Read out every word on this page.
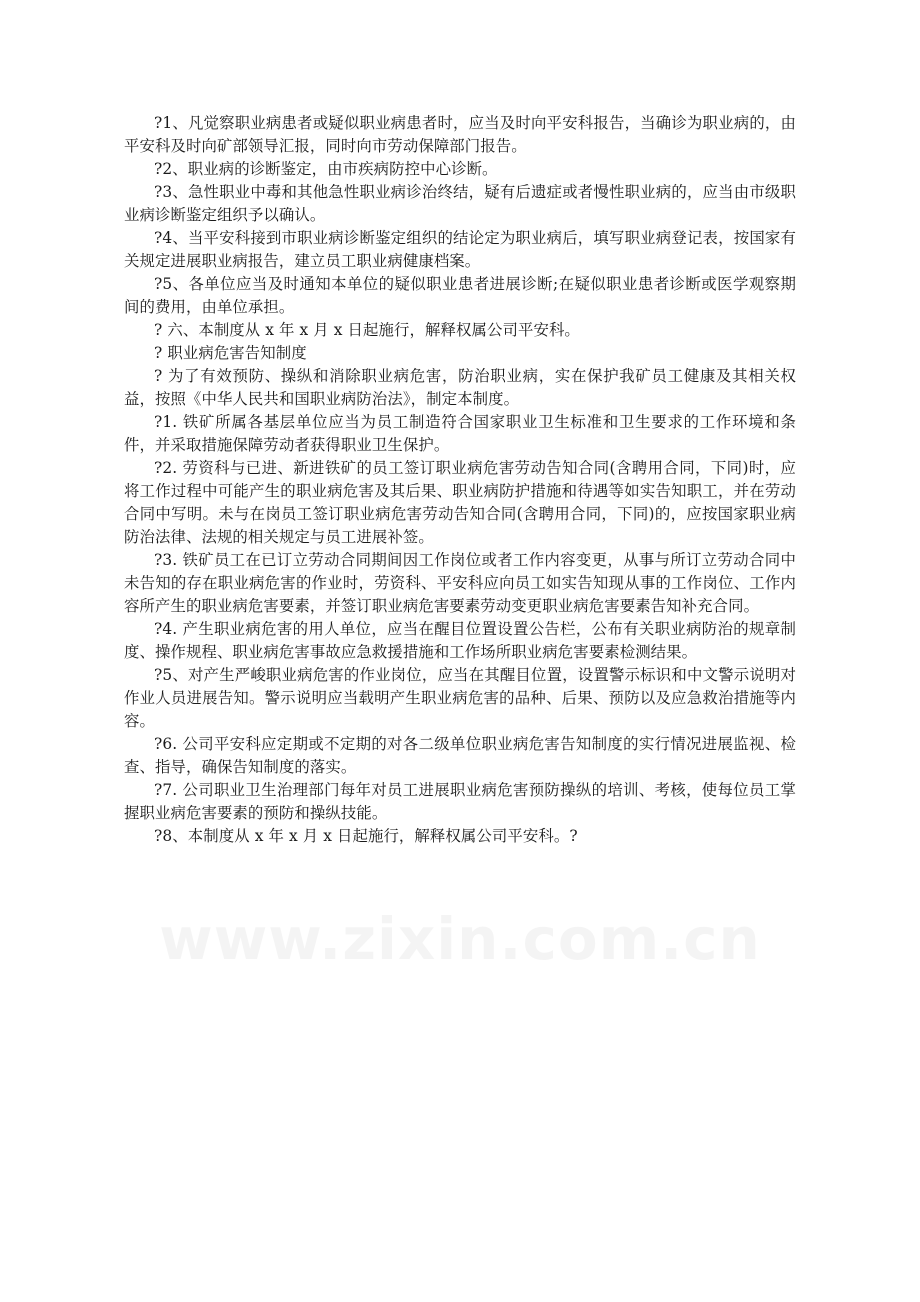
?1、凡觉察职业病患者或疑似职业病患者时，应当及时向平安科报告，当确诊为职业病的，由平安科及时向矿部领导汇报，同时向市劳动保障部门报告。

?2、职业病的诊断鉴定，由市疾病防控中心诊断。

?3、急性职业中毒和其他急性职业病诊治终结，疑有后遗症或者慢性职业病的，应当由市级职业病诊断鉴定组织予以确认。

?4、当平安科接到市职业病诊断鉴定组织的结论定为职业病后，填写职业病登记表，按国家有关规定进展职业病报告，建立员工职业病健康档案。

?5、各单位应当及时通知本单位的疑似职业患者进展诊断;在疑似职业患者诊断或医学观察期间的费用，由单位承担。

? 六、本制度从 x 年 x 月 x 日起施行，解释权属公司平安科。

? 职业病危害告知制度

? 为了有效预防、操纵和消除职业病危害，防治职业病，实在保护我矿员工健康及其相关权益，按照《中华人民共和国职业病防治法》，制定本制度。

?1. 铁矿所属各基层单位应当为员工制造符合国家职业卫生标准和卫生要求的工作环境和条件，并采取措施保障劳动者获得职业卫生保护。

?2. 劳资科与已进、新进铁矿的员工签订职业病危害劳动告知合同(含聘用合同，下同)时，应将工作过程中可能产生的职业病危害及其后果、职业病防护措施和待遇等如实告知职工，并在劳动合同中写明。未与在岗员工签订职业病危害劳动告知合同(含聘用合同，下同)的，应按国家职业病防治法律、法规的相关规定与员工进展补签。

?3. 铁矿员工在已订立劳动合同期间因工作岗位或者工作内容变更，从事与所订立劳动合同中未告知的存在职业病危害的作业时，劳资科、平安科应向员工如实告知现从事的工作岗位、工作内容所产生的职业病危害要素，并签订职业病危害要素劳动变更职业病危害要素告知补充合同。

?4. 产生职业病危害的用人单位，应当在醒目位置设置公告栏，公布有关职业病防治的规章制度、操作规程、职业病危害事故应急救援措施和工作场所职业病危害要素检测结果。

?5、对产生严峻职业病危害的作业岗位，应当在其醒目位置，设置警示标识和中文警示说明对作业人员进展告知。警示说明应当载明产生职业病危害的品种、后果、预防以及应急救治措施等内容。

?6. 公司平安科应定期或不定期的对各二级单位职业病危害告知制度的实行情况进展监视、检查、指导，确保告知制度的落实。

?7. 公司职业卫生治理部门每年对员工进展职业病危害预防操纵的培训、考核，使每位员工掌握职业病危害要素的预防和操纵技能。

?8、本制度从 x 年 x 月 x 日起施行，解释权属公司平安科。?
